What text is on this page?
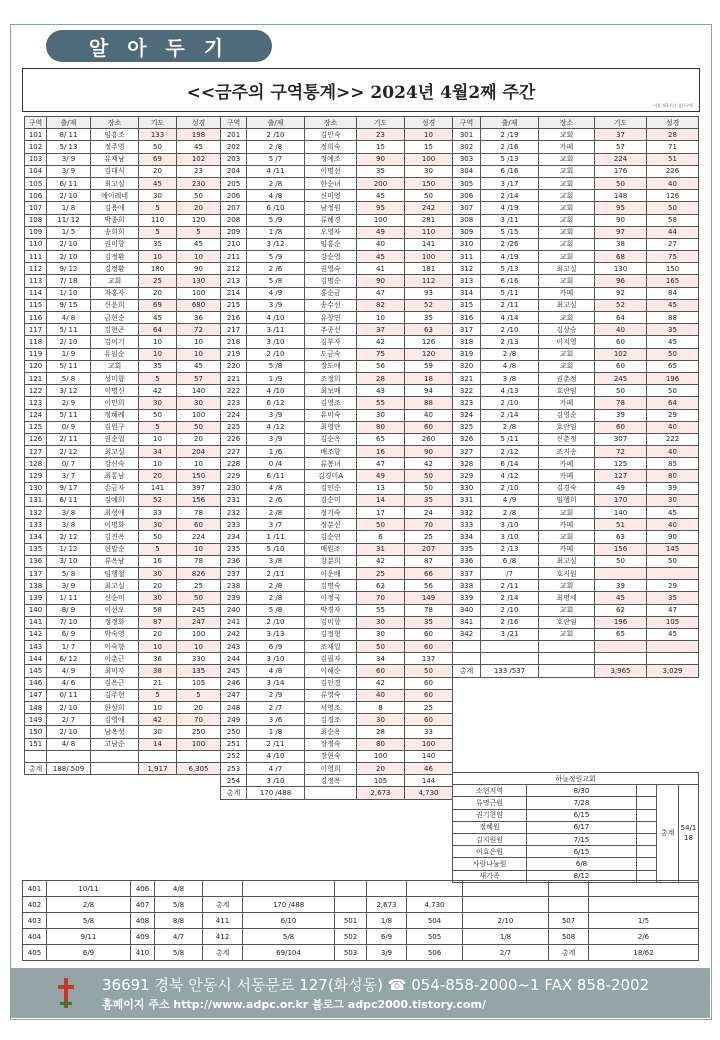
알 아 두 기
<<금주의 구역통계>> 2024년 4월2째 주간
서울 제3주간 경산구역
구역	출/재	장소	기도	성경
101	8/ 11	임흥조	133	198
102	5/ 13	정주영	50	45
103	3/ 9	유재남	69	102
104	3/ 9	김대식	20	23
105	6/ 11	최고실	45	230
106	2/ 10	예이레네	30	50
107	1/ 8	김용애	5	20
108	11/ 12	박종희	110	120
109	1/ 5	송희희	5	5
110	2/ 10	권미향	35	45
111	2/ 10	김정환	10	10
112	9/ 12	김정환	180	90
113	7/ 18	교회	25	130
114	1/ 10	자홍자	20	100
115	9/ 15	신운희	69	680
116	4/ 8	금현순	45	36
117	5/ 11	김현곤	64	72
118	2/ 10	김이기	10	10
119	1/ 9	유임순	10	10
120	5/ 11	교회	35	45
121	5/ 8	성미향	5	57
122	3/ 12	이명신	42	140
123	2/ 9	이민희	30	30
124	5/ 11	정해례	50	100
125	0/ 9	김원구	5	50
126	2/ 11	권순업	10	20
127	2/ 12	최고실	34	204
128	0/ 7	강신숙	10	10
129	3/ 7	최통남	20	150
130	9/ 17	손금자	141	397
131	6/ 11	김예희	52	156
132	3/ 8	최성애	33	78
133	3/ 8	이명화	30	60
134	2/ 12	김진옥	50	224
135	1/ 12	현말순	5	10
136	3/ 10	류옥남	16	78
137	5/ 8	임행철	30	826
138	3/ 9	최고실	20	25
139	1/ 11	신순비	30	50
140	8/ 9	이선오	58	245
141	7/ 10	정정화	87	247
142	6/ 9	박숙영	20	100
143	1/ 7	이숙향	10	10
144	6/ 12	이춘근	36	330
145	4/ 9	최미자	38	135
146	4/ 6	김옥근	21	105
147	0/ 11	김주현	5	5
148	2/ 10	한상희	10	20
149	2/ 7	김영애	42	70
150	2/ 10	남옥성	30	250
151	4/ 8	고남순	14	100

총계	188/ 509		1,917	6,305
구역	출/재	장소	기도	성경
201	2 /10	김인숙	23	10
202	2 /8	정희숙	15	15
203	5 /7	정예조	90	100
204	4 /11	이명선	35	30
205	2 /8	한순녀	200	150
206	4 /8	신미영	45	50
207	6 /10	남정원	95	242
208	5 /9	류혜경	100	281
209	1 /8	오영자	49	110
210	3 /12	임홍순	40	141
211	5 /9	강순영	45	100
212	2 /6	권영숙	41	181
213	5 /8	김명순	90	112
214	4 /9	홍순금	47	93
215	3 /9	송수선	82	52
216	4 /10	유창연	10	35
217	3 /11	추종선	37	63
218	3 /10	김부자	42	126
219	2 /10	도금숙	75	120
220	5 /8	장도애	56	59
221	1 /9	조정희	28	18
222	4 /10	최보배	43	94
223	6 /12	김영조	55	88
224	3 /9	유미숙	30	40
225	4 /12	최영란	80	60
226	3 /9	김순옥	65	260
227	1 /6	배조향	16	90
228	0 /4	류봉녀	47	42
229	6 /11	김경미A	49	50
230	4 /8	김인순	13	50
231	2 /6	김순미	14	35
232	2 /8	정기숙	17	24
233	3 /7	정분선	50	70
234	1 /11	김순연	6	25
235	5 /10	배원조	31	207
236	3 /8	강분희	42	87
237	2 /11	이운배	25	66
238	2 /8	김명숙	63	56
239	2 /8	이정국	70	149
240	5 /8	박경자	55	78
241	2 /10	김미향	30	35
242	3 /13	김정형	30	60
243	6 /9	조재일	50	60
244	3 /10	김필자	34	137
245	4 /8	이해순	60	50
246	3 /14	김인경	42	60
247	2 /9	류영숙	40	60
248	2 /7	서영조	8	25
249	3 /6	김경조	30	60
250	1 /8	최순옥	28	33
251	2 /11	장정숙	80	100
252	4 /10	장현숙	100	140
253	4 /7	이영희	20	46
254	3 /10	김정옥	105	144
총계	170 /488		2,673	4,730
구역	출/재	장소	기도	성경
301	2 /19	교회	37	28
302	2 /16	카페	57	71
303	5 /13	교회	224	51
304	6 /16	교회	176	226
305	3 /17	교회	50	40
306	2 /14	교회	148	126
307	4 /19	교회	95	50
308	3 /11	교회	90	58
309	5 /15	교회	97	44
310	2 /26	교회	38	27
311	4 /19	교회	68	75
312	5 /13	최고실	130	150
313	6 /16	교회	96	165
314	5 /11	카페	92	84
315	2 /11	최고실	52	45
316	4 /14	교회	64	88
317	2 /10	김상승	40	35
318	2 /13	이지영	60	45
319	2 /8	교회	102	50
320	4 /8	교회	60	65
321	3 /8	권춘정	245	196
322	4 /13	호란임	50	50
323	2 /10	카페	78	64
324	2 /14	김영순	39	29
325	2 /8	호란임	60	40
326	5 /11	신춘정	307	222
327	2 /12	조지송	72	40
328	6 /14	카페	125	85
329	4 /12	카페	127	80
330	2 /10	김경숙	49	39
331	4 /9	임행희	170	30
332	2 /8	교회	140	45
333	3 /10	카페	51	40
334	3 /10	교회	63	90
335	2 /13	카페	156	145
336	6 /8	최고실	50	50
337	/7	호지원		
338	2 /11	교회	39	29
339	2 /14	최명세	45	35
340	2 /10	교회	62	47
341	2 /16	호란임	196	105
342	3 /21	교회	65	45

총계	133 /537		3,965	3,029
하늘정원교회				
소현지역	8/30		총계	54/118
류명근원	7/28			
권기현원	6/15			
정혜원	6/17			
김지원원	7/15			
이효은원	6/15			
사랑나눔원	6/8			
새가족	8/12			
401	10/11	406	4/8								
402	2/8	407	5/8	총계	170 /488		2,673	4,730			
403	5/8	408	8/8	411	6/10	501	1/8	504	2/10	507	1/5
404	9/11	409	4/7	412	5/8	502	6/9	505	1/8	508	2/6
405	6/9	410	5/8	총계	69/104	503	3/9	506	2/7	총계	18/62
36691 경북 안동시 서동문로 127(화성동) ☎ 054-858-2000~1 FAX 858-2002
홈페이지 주소 http://www.adpc.or.kr 블로그 adpc2000.tistory.com/
